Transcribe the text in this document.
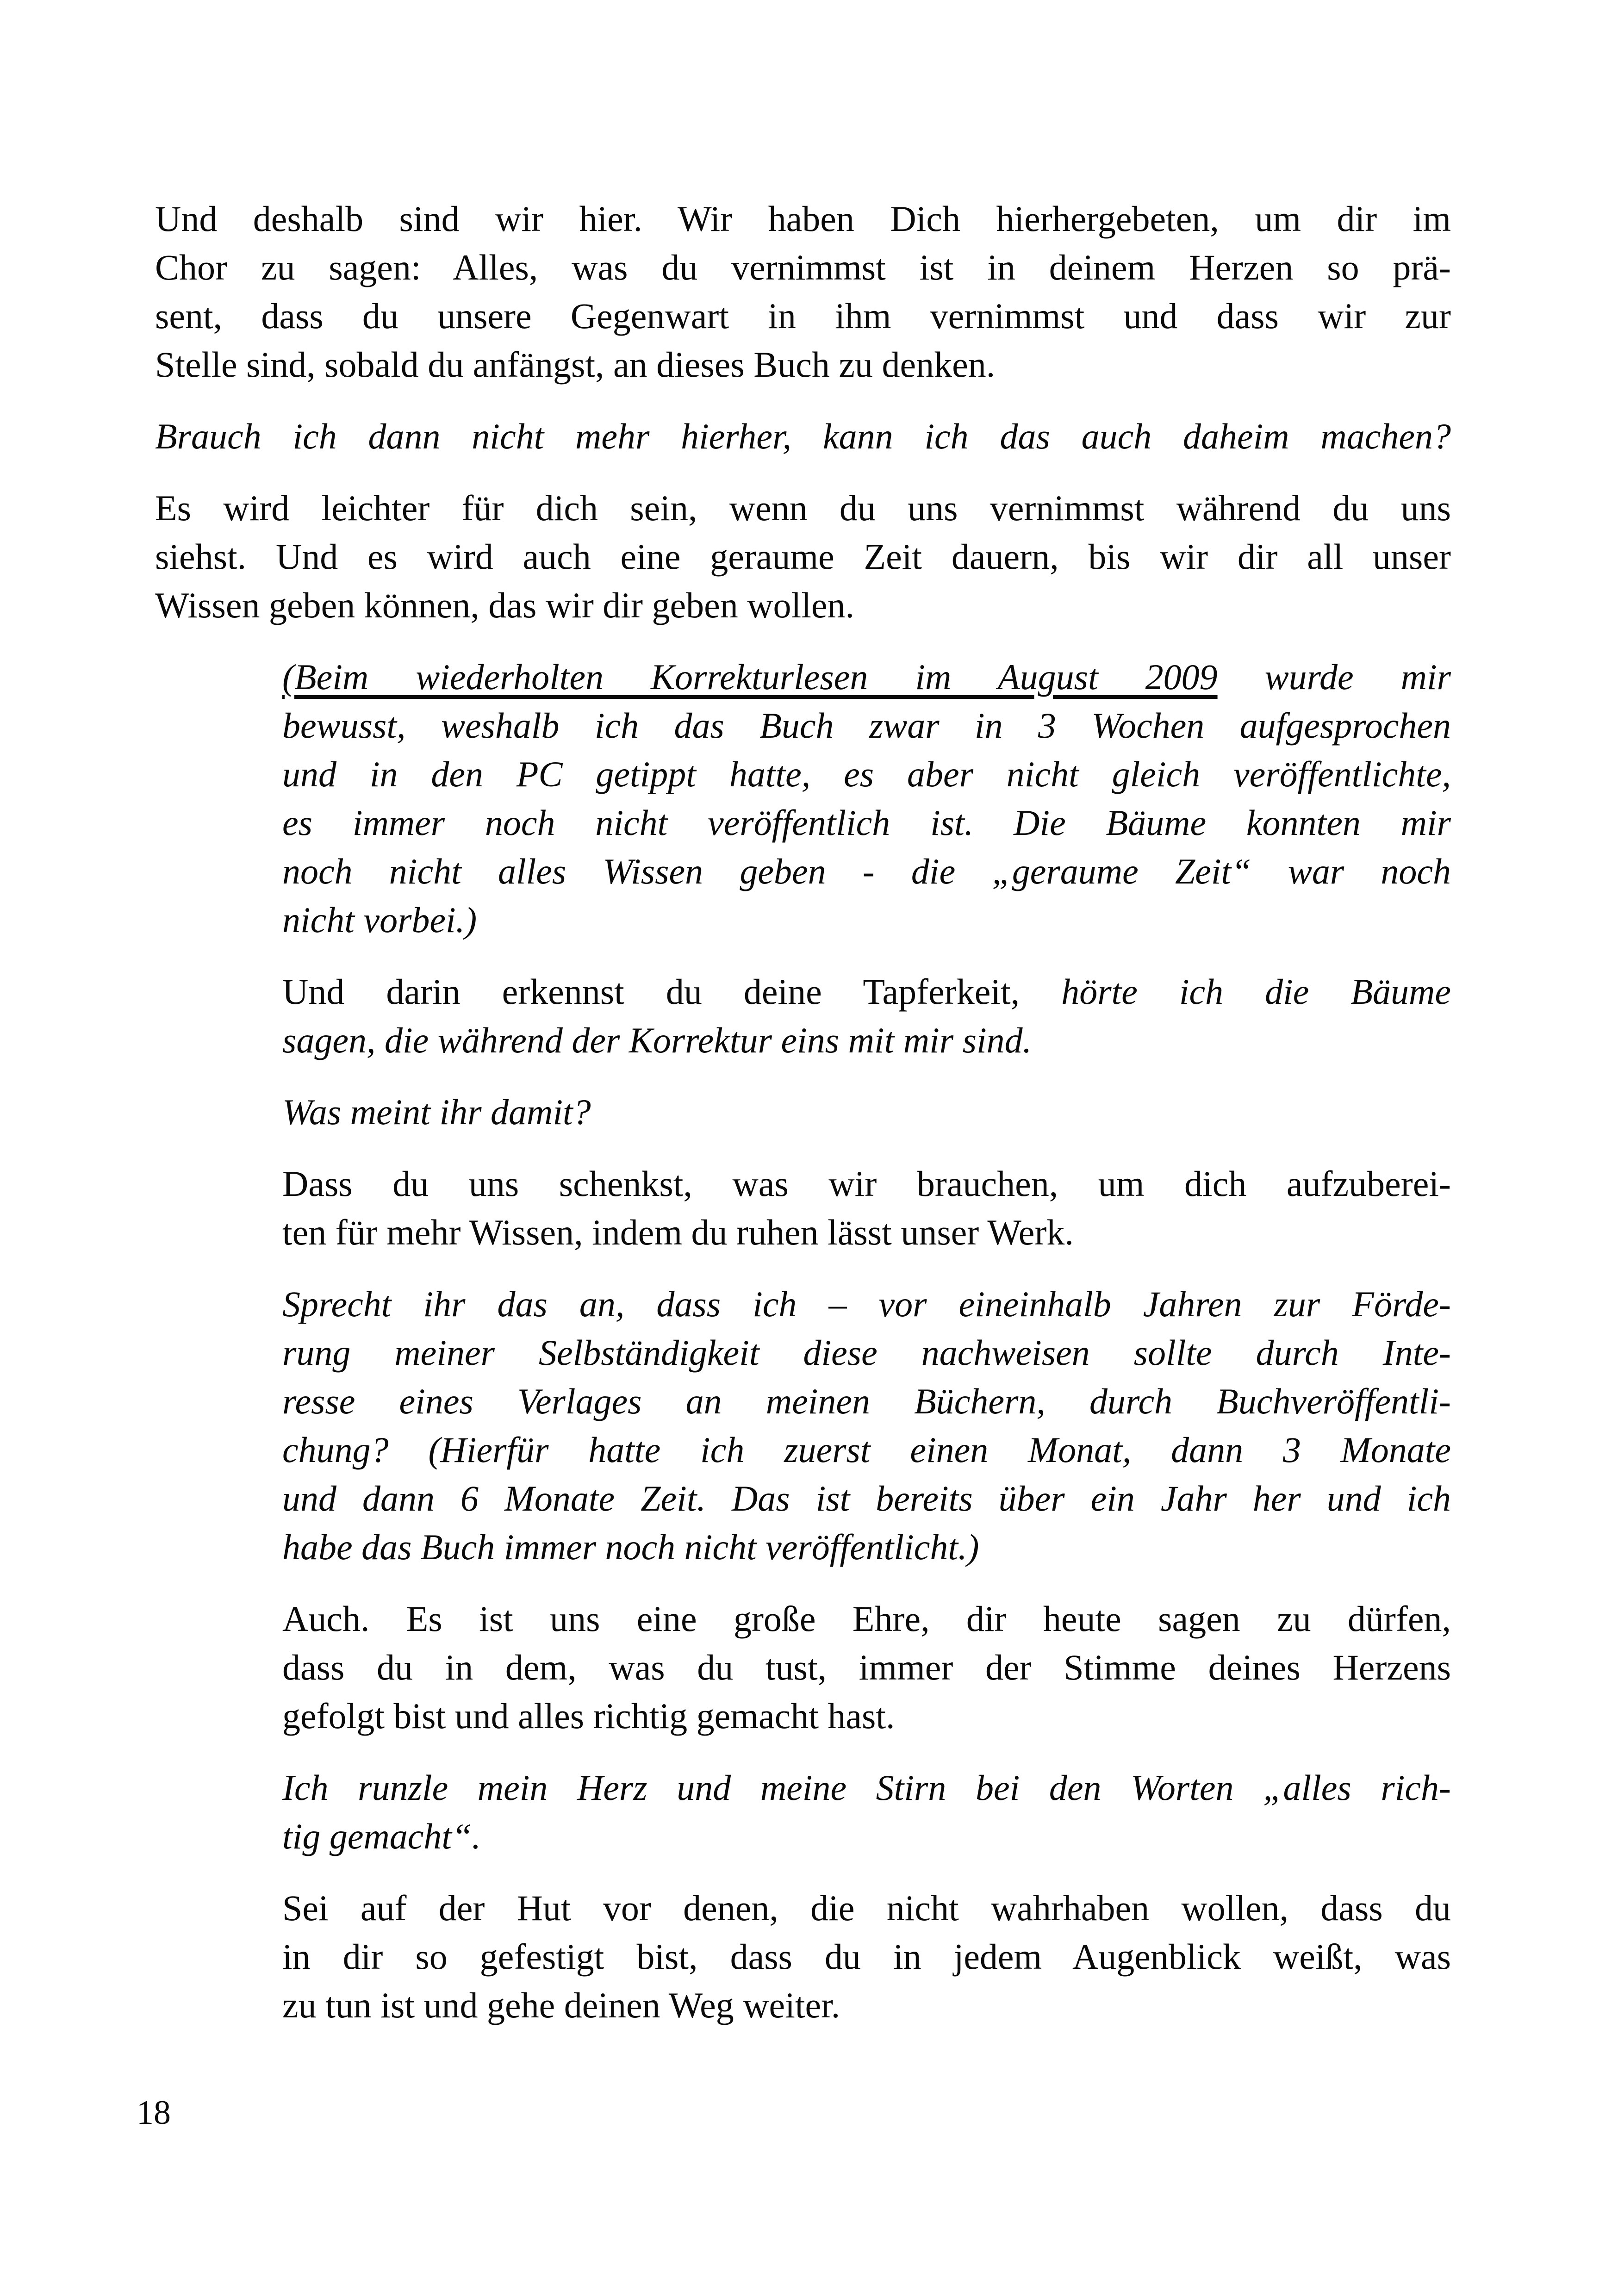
Und deshalb sind wir hier. Wir haben Dich hierhergebeten, um dir im
Chor zu sagen: Alles, was du vernimmst ist in deinem Herzen so prä-
sent, dass du unsere Gegenwart in ihm vernimmst und dass wir zur
Stelle sind, sobald du anfängst, an dieses Buch zu denken.
Brauch ich dann nicht mehr hierher, kann ich das auch daheim machen?
Es wird leichter für dich sein, wenn du uns vernimmst während du uns
siehst. Und es wird auch eine geraume Zeit dauern, bis wir dir all unser
Wissen geben können, das wir dir geben wollen.
(Beim wiederholten Korrekturlesen im August 2009 wurde mir
bewusst, weshalb ich das Buch zwar in 3 Wochen aufgesprochen
und in den PC getippt hatte, es aber nicht gleich veröffentlichte,
es immer noch nicht veröffentlich ist. Die Bäume konnten mir
noch nicht alles Wissen geben - die „geraume Zeit“ war noch
nicht vorbei.)
Und darin erkennst du deine Tapferkeit, hörte ich die Bäume
sagen, die während der Korrektur eins mit mir sind.
Was meint ihr damit?
Dass du uns schenkst, was wir brauchen, um dich aufzuberei-
ten für mehr Wissen, indem du ruhen lässt unser Werk.
Sprecht ihr das an, dass ich – vor eineinhalb Jahren zur Förde-
rung meiner Selbständigkeit diese nachweisen sollte durch Inte-
resse eines Verlages an meinen Büchern, durch Buchveröffentli-
chung? (Hierfür hatte ich zuerst einen Monat, dann 3 Monate
und dann 6 Monate Zeit. Das ist bereits über ein Jahr her und ich
habe das Buch immer noch nicht veröffentlicht.)
Auch. Es ist uns eine große Ehre, dir heute sagen zu dürfen,
dass du in dem, was du tust, immer der Stimme deines Herzens
gefolgt bist und alles richtig gemacht hast.
Ich runzle mein Herz und meine Stirn bei den Worten „alles rich-
tig gemacht“.
Sei auf der Hut vor denen, die nicht wahrhaben wollen, dass du
in dir so gefestigt bist, dass du in jedem Augenblick weißt, was
zu tun ist und gehe deinen Weg weiter.
18
